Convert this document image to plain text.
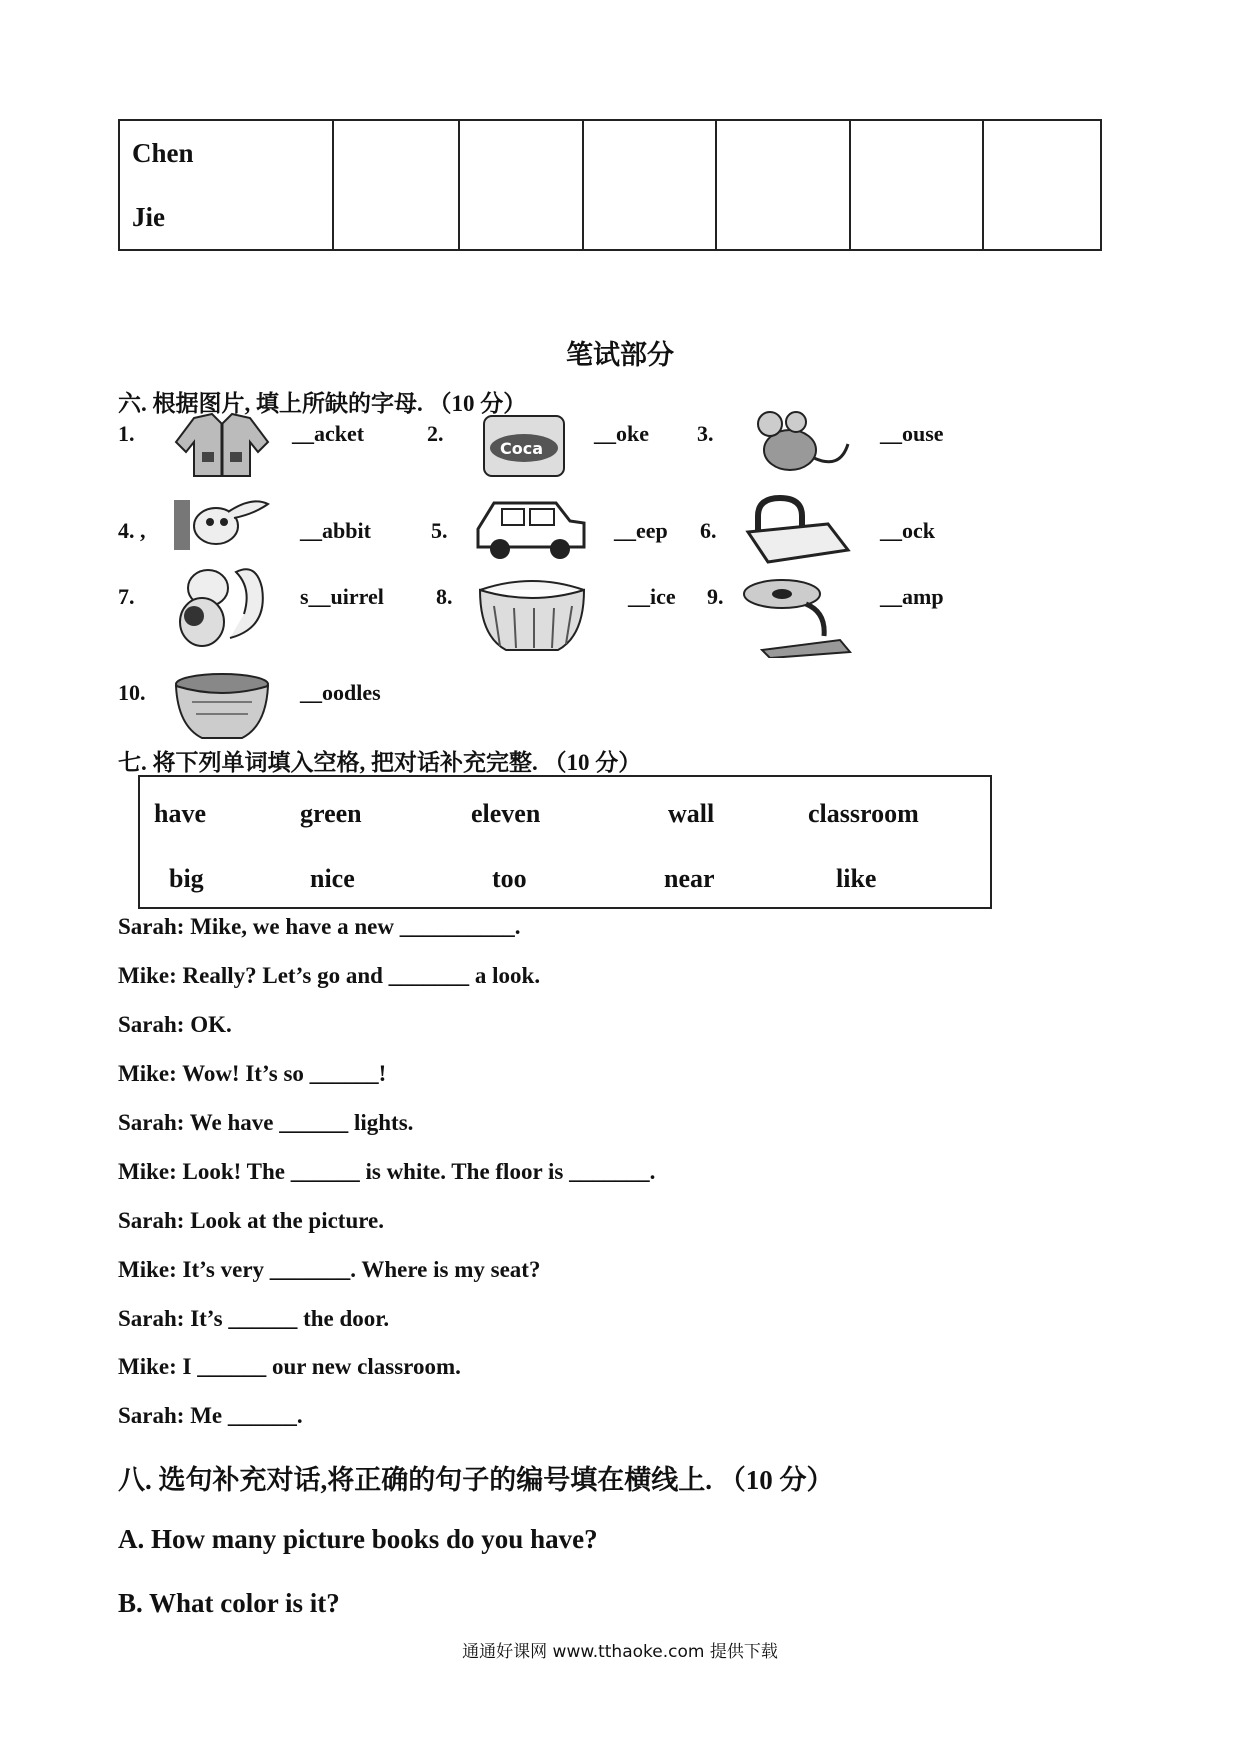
Chen
Jie

笔试部分
六. 根据图片, 填上所缺的字母. （10 分）
1.	__acket	2.
Coca
__oke 3.	__ouse
4. ,	__abbit	5.	__eep 6.	__ock
7.	s__uirrel 8.	__ice 9.	__amp
10.	__oodles
七. 将下列单词填入空格, 把对话补充完整. （10 分）
have	green	eleven	wall	classroom
big	nice	too	near	like
Sarah: Mike, we have a new __________.
Mike: Really? Let’s go and _______ a look.
Sarah: OK.
Mike: Wow! It’s so ______!
Sarah: We have ______ lights.
Mike: Look! The ______ is white. The floor is _______.
Sarah: Look at the picture.
Mike: It’s very _______. Where is my seat?
Sarah: It’s ______ the door.
Mike: I ______ our new classroom.
Sarah: Me ______.
八. 选句补充对话,将正确的句子的编号填在横线上. （10 分）
A. How many picture books do you have?
B. What color is it?
通通好课网 www.tthaoke.com 提供下载
